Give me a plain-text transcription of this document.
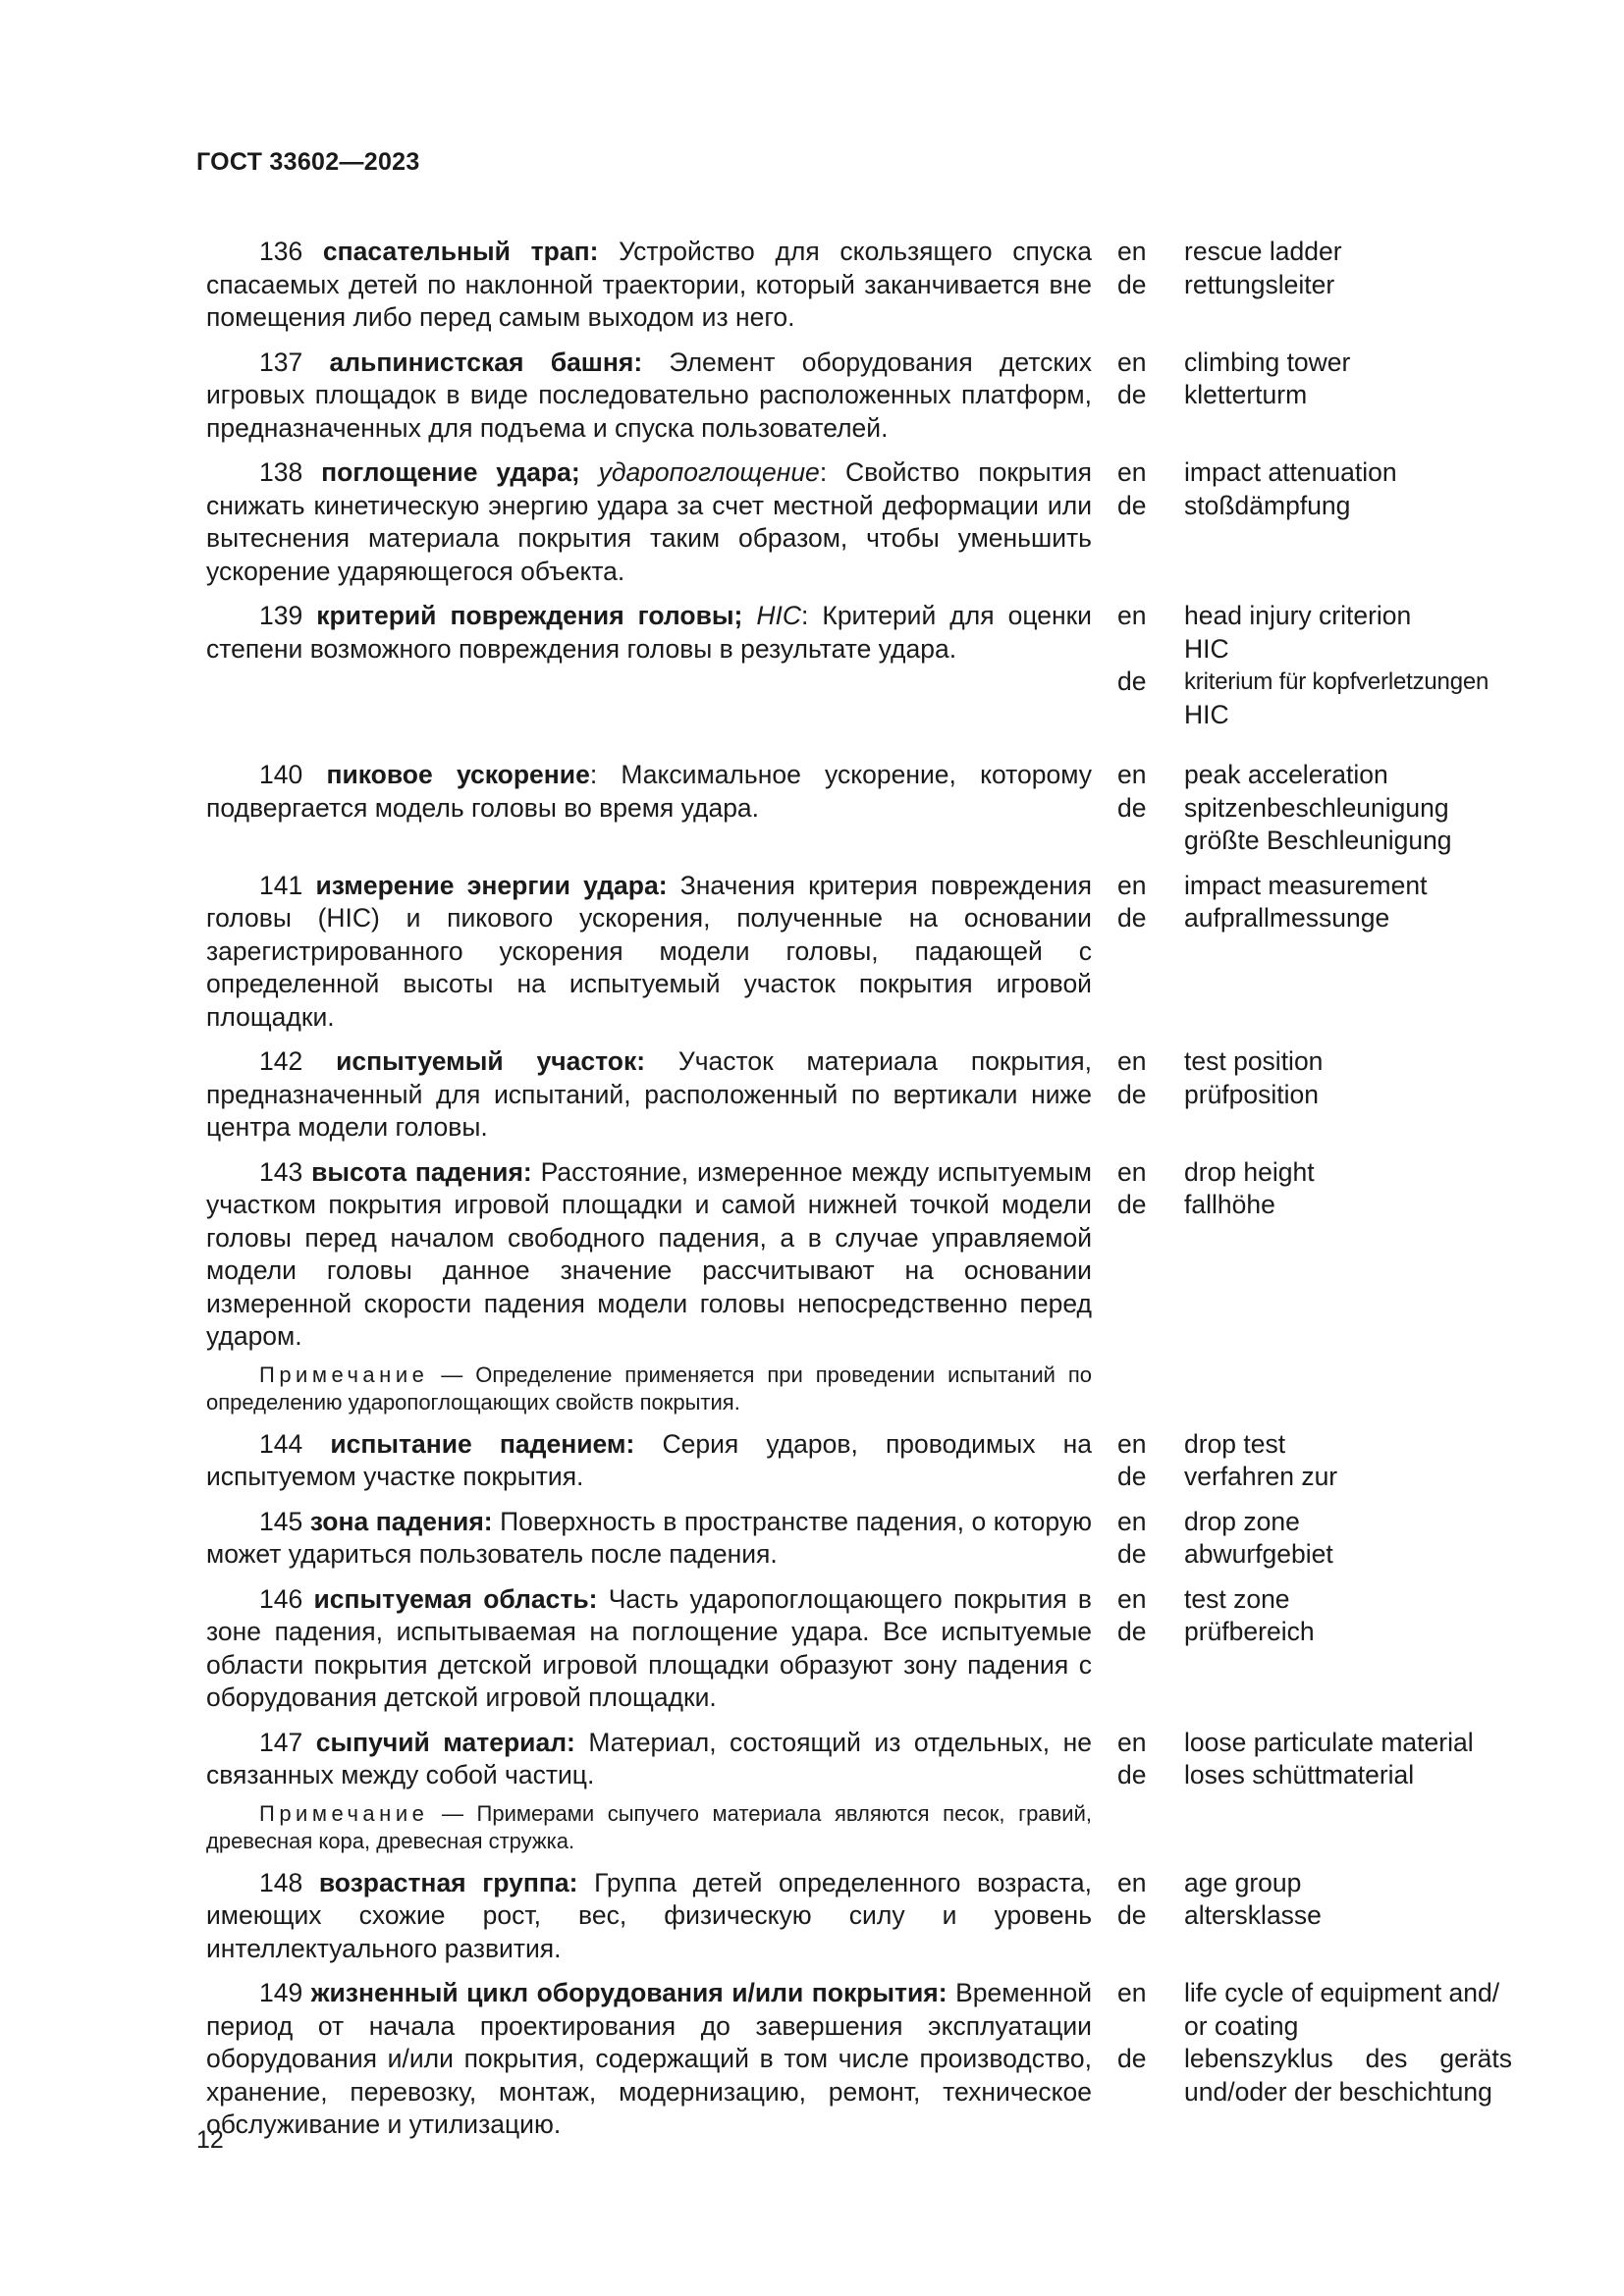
ГОСТ 33602—2023

136 спасательный трап: Устройство для скользящего спуска спасаемых детей по наклонной траектории, который заканчивается вне помещения либо перед самым выходом из него.

en	rescue ladder
de	rettungsleiter

137 альпинистская башня: Элемент оборудования детских игровых площадок в виде последовательно расположенных платформ, предназначенных для подъема и спуска пользователей.

en	climbing tower
de	kletterturm

138 поглощение удара; ударопоглощение: Свойство покрытия снижать кинетическую энергию удара за счет местной деформации или вытеснения материала покрытия таким образом, чтобы уменьшить ускорение ударяющегося объекта.

en	impact attenuation
de	stoßdämpfung

139 критерий повреждения головы; HIC: Критерий для оценки степени возможного повреждения головы в результате удара.

en	head injury criterion
HIC
de	kriterium für kopfverletzungen
HIC

140 пиковое ускорение: Максимальное ускорение, которому подвергается модель головы во время удара.

en	peak acceleration
de	spitzenbeschleunigung
größte Beschleunigung

141 измерение энергии удара: Значения критерия повреждения головы (HIC) и пикового ускорения, полученные на основании зарегистрированного ускорения модели головы, падающей с определенной высоты на испытуемый участок покрытия игровой площадки.

en	impact measurement
de	aufprallmessunge

142 испытуемый участок: Участок материала покрытия, предназначенный для испытаний, расположенный по вертикали ниже центра модели головы.

en	test position
de	prüfposition

143 высота падения: Расстояние, измеренное между испытуемым участком покрытия игровой площадки и самой нижней точкой модели головы перед началом свободного падения, а в случае управляемой модели головы данное значение рассчитывают на основании измеренной скорости падения модели головы непосредственно перед ударом.

en	drop height
de	fallhöhe

Примечание — Определение применяется при проведении испытаний по определению ударопоглощающих свойств покрытия.

144 испытание падением: Серия ударов, проводимых на испытуемом участке покрытия.

en	drop test
de	verfahren zur

145 зона падения: Поверхность в пространстве падения, о которую может удариться пользователь после падения.

en	drop zone
de	abwurfgebiet

146 испытуемая область: Часть ударопоглощающего покрытия в зоне падения, испытываемая на поглощение удара. Все испытуемые области покрытия детской игровой площадки образуют зону падения с оборудования детской игровой площадки.

en	test zone
de	prüfbereich

147 сыпучий материал: Материал, состоящий из отдельных, не связанных между собой частиц.

en	loose particulate material
de	loses schüttmaterial

Примечание — Примерами сыпучего материала являются песок, гравий, древесная кора, древесная стружка.

148 возрастная группа: Группа детей определенного возраста, имеющих схожие рост, вес, физическую силу и уровень интеллектуального развития.

en	age group
de	altersklasse

149 жизненный цикл оборудования и/или покрытия: Временной период от начала проектирования до завершения эксплуатации оборудования и/или покрытия, содержащий в том числе производство, хранение, перевозку, монтаж, модернизацию, ремонт, техническое обслуживание и утилизацию.

en	life cycle of equipment and/
or coating
de	lebenszyklus des geräts
und/oder der beschichtung
12
